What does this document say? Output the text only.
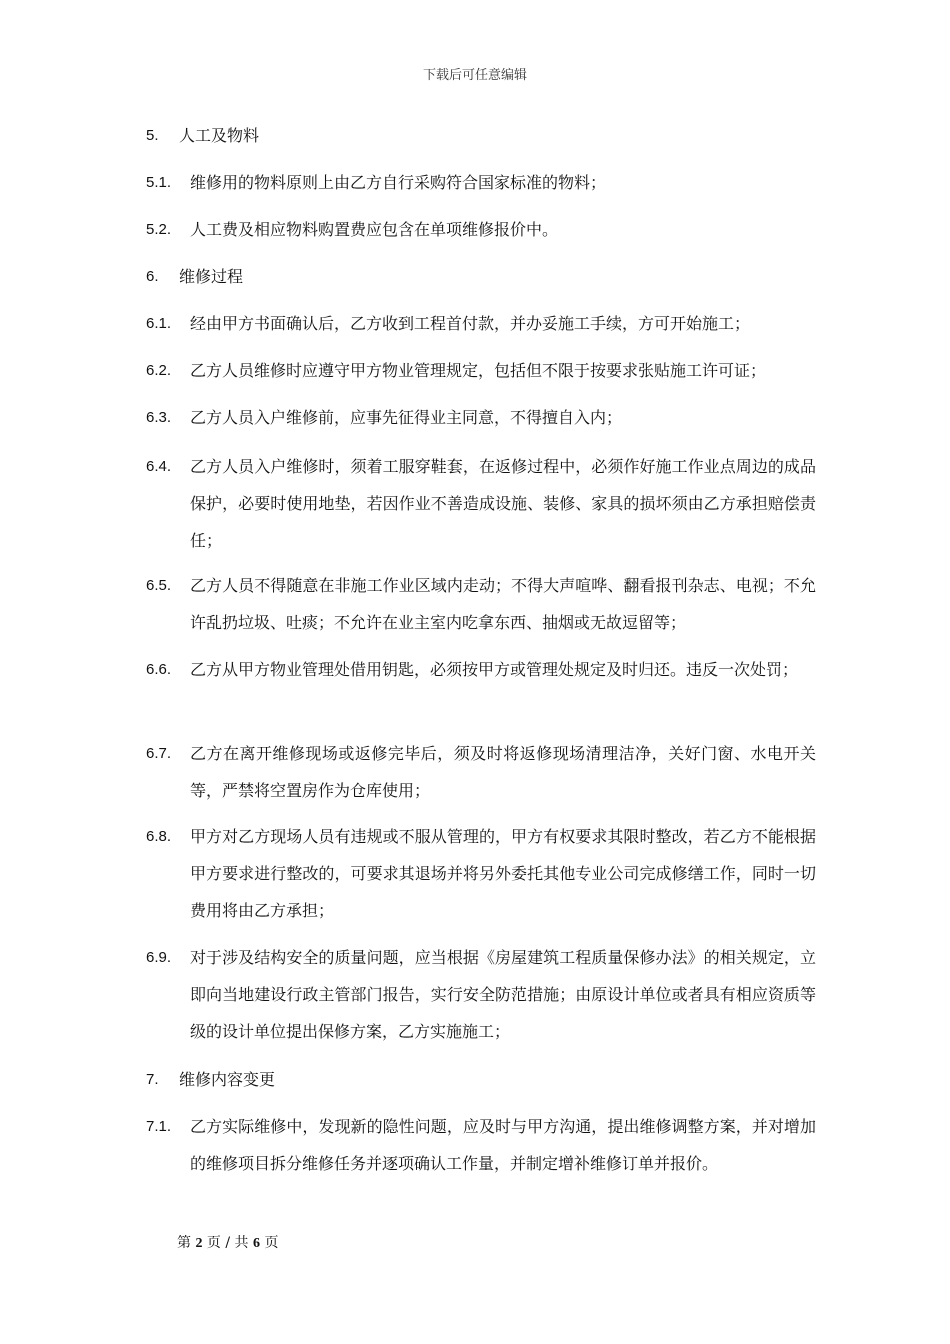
下载后可任意编辑
5. 人工及物料
5.1. 维修用的物料原则上由乙方自行采购符合国家标准的物料；
5.2. 人工费及相应物料购置费应包含在单项维修报价中。
6. 维修过程
6.1. 经由甲方书面确认后，乙方收到工程首付款，并办妥施工手续，方可开始施工；
6.2. 乙方人员维修时应遵守甲方物业管理规定，包括但不限于按要求张贴施工许可证；
6.3. 乙方人员入户维修前，应事先征得业主同意，不得擅自入内；
6.4. 乙方人员入户维修时，须着工服穿鞋套，在返修过程中，必须作好施工作业点周边的成品保护，必要时使用地垫，若因作业不善造成设施、装修、家具的损坏须由乙方承担赔偿责任；
6.5. 乙方人员不得随意在非施工作业区域内走动；不得大声喧哗、翻看报刊杂志、电视；不允许乱扔垃圾、吐痰；不允许在业主室内吃拿东西、抽烟或无故逗留等；
6.6. 乙方从甲方物业管理处借用钥匙，必须按甲方或管理处规定及时归还。违反一次处罚；
6.7. 乙方在离开维修现场或返修完毕后，须及时将返修现场清理洁净，关好门窗、水电开关等，严禁将空置房作为仓库使用；
6.8. 甲方对乙方现场人员有违规或不服从管理的，甲方有权要求其限时整改，若乙方不能根据甲方要求进行整改的，可要求其退场并将另外委托其他专业公司完成修缮工作，同时一切费用将由乙方承担；
6.9. 对于涉及结构安全的质量问题，应当根据《房屋建筑工程质量保修办法》的相关规定，立即向当地建设行政主管部门报告，实行安全防范措施；由原设计单位或者具有相应资质等级的设计单位提出保修方案，乙方实施施工；
7. 维修内容变更
7.1. 乙方实际维修中，发现新的隐性问题，应及时与甲方沟通，提出维修调整方案，并对增加的维修项目拆分维修任务并逐项确认工作量，并制定增补维修订单并报价。
第 2 页 / 共 6 页
